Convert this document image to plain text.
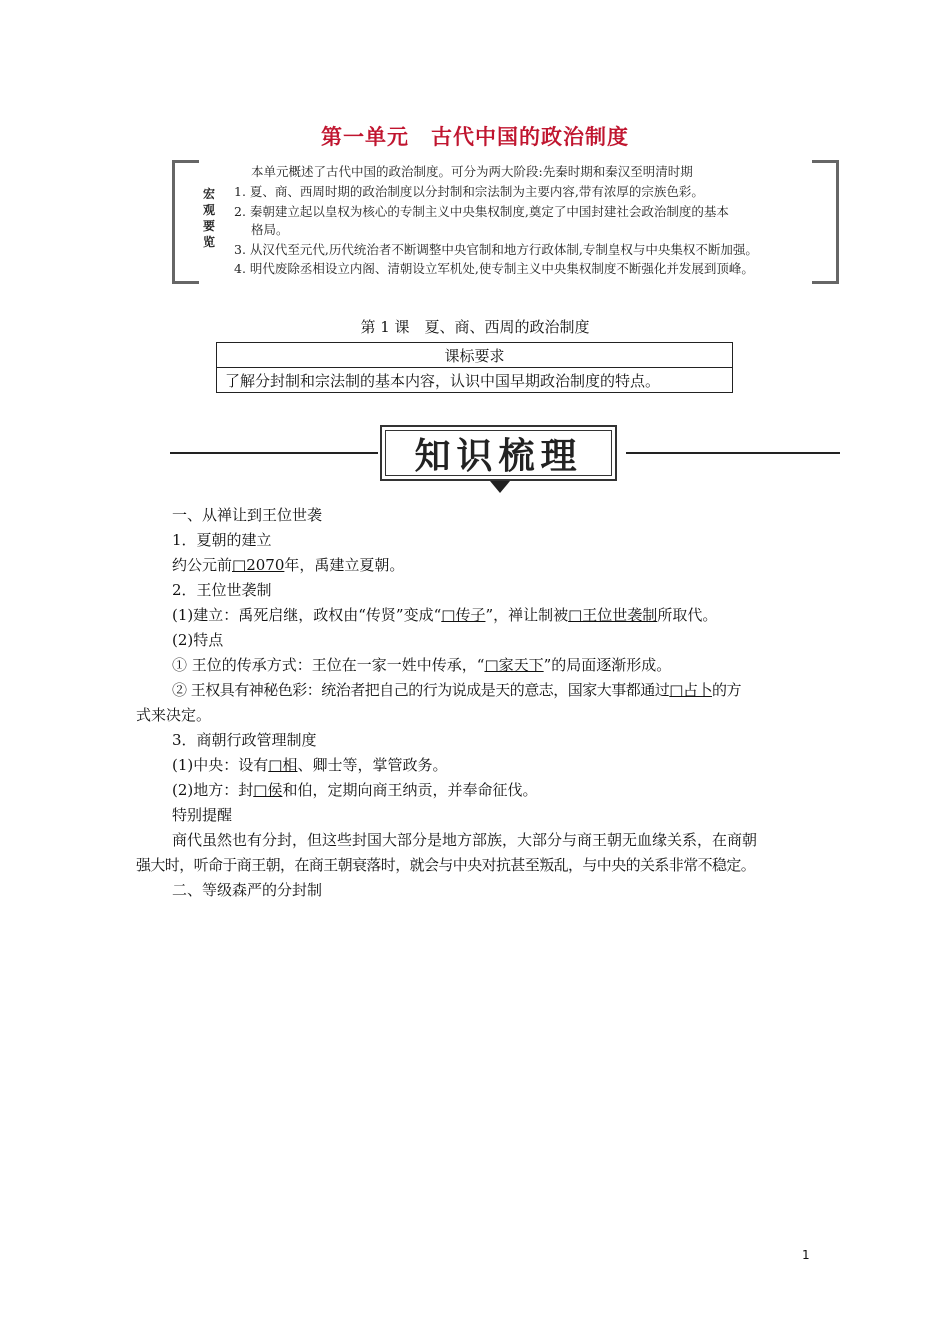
第一单元 古代中国的政治制度
宏
观
要
览
本单元概述了古代中国的政治制度。可分为两大阶段:先秦时期和秦汉至明清时期
1. 夏、商、西周时期的政治制度以分封制和宗法制为主要内容,带有浓厚的宗族色彩。
2. 秦朝建立起以皇权为核心的专制主义中央集权制度,奠定了中国封建社会政治制度的基本
格局。
3. 从汉代至元代,历代统治者不断调整中央官制和地方行政体制,专制皇权与中央集权不断加强。
4. 明代废除丞相设立内阁、清朝设立军机处,使专制主义中央集权制度不断强化并发展到顶峰。
第 1 课　夏、商、西周的政治制度
课标要求
了解分封制和宗法制的基本内容，认识中国早期政治制度的特点。
知识梳理
一、从禅让到王位世袭
1．夏朝的建立
约公元前□2070年，禹建立夏朝。
2．王位世袭制
(1)建立：禹死启继，政权由“传贤”变成“□传子”，禅让制被□王位世袭制所取代。
(2)特点
① 王位的传承方式：王位在一家一姓中传承，“□家天下”的局面逐渐形成。
② 王权具有神秘色彩：统治者把自己的行为说成是天的意志，国家大事都通过□占卜的方
式来决定。
3．商朝行政管理制度
(1)中央：设有□相、卿士等，掌管政务。
(2)地方：封□侯和伯，定期向商王纳贡，并奉命征伐。
特别提醒
商代虽然也有分封，但这些封国大部分是地方部族，大部分与商王朝无血缘关系，在商朝
强大时，听命于商王朝，在商王朝衰落时，就会与中央对抗甚至叛乱，与中央的关系非常不稳定。
二、等级森严的分封制
1
